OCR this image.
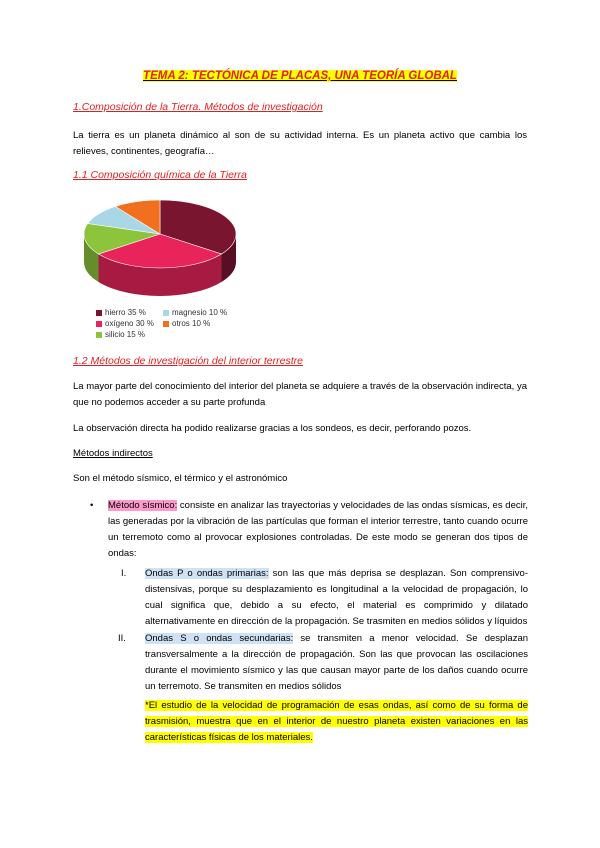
TEMA 2: TECTÓNICA DE PLACAS, UNA TEORÍA GLOBAL
1.Composición de la Tierra. Métodos de investigación
La tierra es un planeta dinámico al son de su actividad interna. Es un planeta activo que cambia los relieves, continentes, geografía…
1.1 Composición química de la Tierra
hierro 35 %	magnesio 10 %
oxígeno 30 %	otros 10 %
silicio 15 %
1.2 Métodos de investigación del interior terrestre
La mayor parte del conocimiento del interior del planeta se adquiere a través de la observación indirecta, ya que no podemos acceder a su parte profunda
La observación directa ha podido realizarse gracias a los sondeos, es decir, perforando pozos.
Métodos indirectos
Son el método sísmico, el térmico y el astronómico
• Método sísmico: consiste en analizar las trayectorias y velocidades de las ondas sísmicas, es decir, las generadas por la vibración de las partículas que forman el interior terrestre, tanto cuando ocurre un terremoto como al provocar explosiones controladas. De este modo se generan dos tipos de ondas:
I. Ondas P o ondas primarias: son las que más deprisa se desplazan. Son comprensivo-distensivas, porque su desplazamiento es longitudinal a la velocidad de propagación, lo cual significa que, debido a su efecto, el material es comprimido y dilatado alternativamente en dirección de la propagación. Se trasmiten en medios sólidos y líquidos
II. Ondas S o ondas secundarias: se transmiten a menor velocidad. Se desplazan transversalmente a la dirección de propagación. Son las que provocan las oscilaciones durante el movimiento sísmico y las que causan mayor parte de los daños cuando ocurre un terremoto. Se transmiten en medios sólidos
*El estudio de la velocidad de programación de esas ondas, así como de su forma de trasmisión, muestra que en el interior de nuestro planeta existen variaciones en las características físicas de los materiales.
